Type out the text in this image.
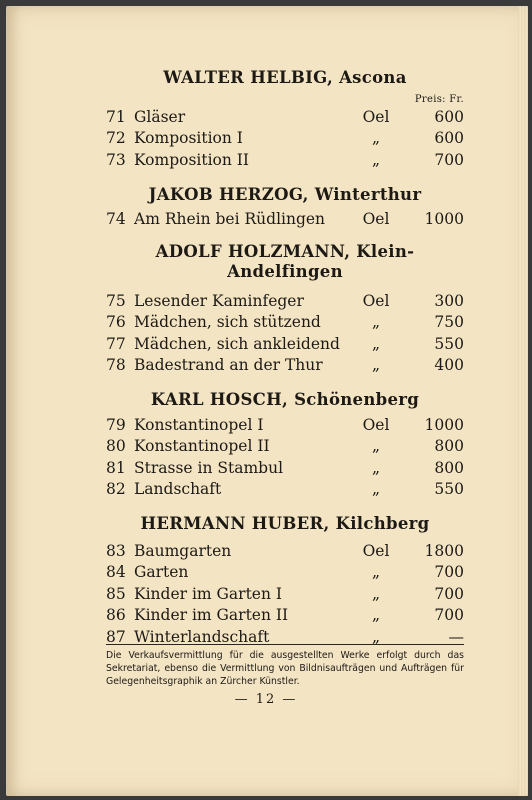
WALTER HELBIG, Ascona
Preis: Fr.
71	Gläser	Oel	600
72	Komposition I	„	600
73	Komposition II	„	700
JAKOB HERZOG, Winterthur
74	Am Rhein bei Rüdlingen	Oel	1000
ADOLF HOLZMANN, Klein-Andelfingen
75	Lesender Kaminfeger	Oel	300
76	Mädchen, sich stützend	„	750
77	Mädchen, sich ankleidend	„	550
78	Badestrand an der Thur	„	400
KARL HOSCH, Schönenberg
79	Konstantinopel I	Oel	1000
80	Konstantinopel II	„	800
81	Strasse in Stambul	„	800
82	Landschaft	„	550
HERMANN HUBER, Kilchberg
83	Baumgarten	Oel	1800
84	Garten	„	700
85	Kinder im Garten I	„	700
86	Kinder im Garten II	„	700
87	Winterlandschaft	„	—
Die Verkaufsvermittlung für die ausgestellten Werke erfolgt durch das Sekretariat, ebenso die Vermittlung von Bildnisaufträgen und Aufträgen für Gelegenheitsgraphik an Zürcher Künstler.
— 12 —
